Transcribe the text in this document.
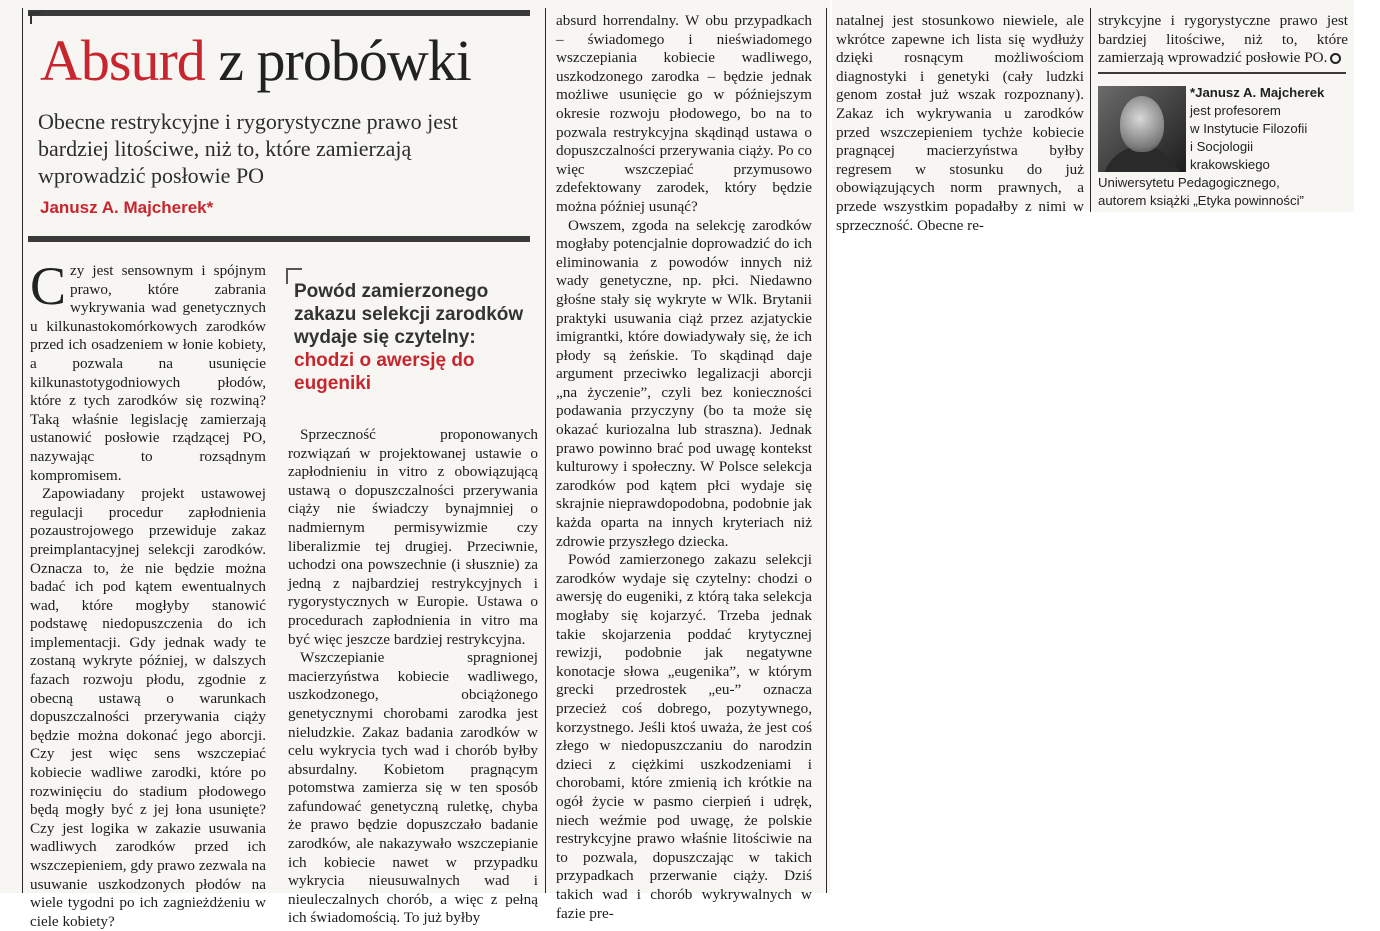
Absurd z probówki
Obecne restrykcyjne i rygorystyczne prawo jest bardziej litościwe, niż to, które zamierzają wprowadzić posłowie PO
Janusz A. Majcherek*

Czy jest sensownym i spójnym prawo, które zabrania wykrywania wad genetycznych u kilkunastokomórkowych zarodków przed ich osadzeniem w łonie kobiety, a pozwala na usunięcie kilkunastotygodniowych płodów, które z tych zarodków się rozwiną? Taką właśnie legislację zamierzają ustanowić posłowie rządzącej PO, nazywając to rozsądnym kompromisem.

Zapowiadany projekt ustawowej regulacji procedur zapłodnienia pozaustrojowego przewiduje zakaz preimplantacyjnej selekcji zarodków. Oznacza to, że nie będzie można badać ich pod kątem ewentualnych wad, które mogłyby stanowić podstawę niedopuszczenia do ich implementacji. Gdy jednak wady te zostaną wykryte później, w dalszych fazach rozwoju płodu, zgodnie z obecną ustawą o warunkach dopuszczalności przerywania ciąży będzie można dokonać jego aborcji. Czy jest więc sens wszczepiać kobiecie wadliwe zarodki, które po rozwinięciu do stadium płodowego będą mogły być z jej łona usunięte? Czy jest logika w zakazie usuwania wadliwych zarodków przed ich wszczepieniem, gdy prawo zezwala na usuwanie uszkodzonych płodów na wiele tygodni po ich zagnieżdżeniu w ciele kobiety?

Powód zamierzonego zakazu selekcji zarodków wydaje się czytelny: chodzi o awersję do eugeniki

Sprzeczność proponowanych rozwiązań w projektowanej ustawie o zapłodnieniu in vitro z obowiązującą ustawą o dopuszczalności przerywania ciąży nie świadczy bynajmniej o nadmiernym permisywizmie czy liberalizmie tej drugiej. Przeciwnie, uchodzi ona powszechnie (i słusznie) za jedną z najbardziej restrykcyjnych i rygorystycznych w Europie. Ustawa o procedurach zapłodnienia in vitro ma być więc jeszcze bardziej restrykcyjna.

Wszczepianie spragnionej macierzyństwa kobiecie wadliwego, uszkodzonego, obciążonego genetycznymi chorobami zarodka jest nieludzkie. Zakaz badania zarodków w celu wykrycia tych wad i chorób byłby absurdalny. Kobietom pragnącym potomstwa zamierza się w ten sposób zafundować genetyczną ruletkę, chyba że prawo będzie dopuszczało badanie zarodków, ale nakazywało wszczepianie ich kobiecie nawet w przypadku wykrycia nieusuwalnych wad i nieuleczalnych chorób, a więc z pełną ich świadomością. To już byłby

absurd horrendalny. W obu przypadkach – świadomego i nieświadomego wszczepiania kobiecie wadliwego, uszkodzonego zarodka – będzie jednak możliwe usunięcie go w późniejszym okresie rozwoju płodowego, bo na to pozwala restrykcyjna skądinąd ustawa o dopuszczalności przerywania ciąży. Po co więc wszczepiać przymusowo zdefektowany zarodek, który będzie można później usunąć?

Owszem, zgoda na selekcję zarodków mogłaby potencjalnie doprowadzić do ich eliminowania z powodów innych niż wady genetyczne, np. płci. Niedawno głośne stały się wykryte w Wlk. Brytanii praktyki usuwania ciąż przez azjatyckie imigrantki, które dowiadywały się, że ich płody są żeńskie. To skądinąd daje argument przeciwko legalizacji aborcji „na życzenie”, czyli bez konieczności podawania przyczyny (bo ta może się okazać kuriozalna lub straszna). Jednak prawo powinno brać pod uwagę kontekst kulturowy i społeczny. W Polsce selekcja zarodków pod kątem płci wydaje się skrajnie nieprawdopodobna, podobnie jak każda oparta na innych kryteriach niż zdrowie przyszłego dziecka.

Powód zamierzonego zakazu selekcji zarodków wydaje się czytelny: chodzi o awersję do eugeniki, z którą taka selekcja mogłaby się kojarzyć. Trzeba jednak takie skojarzenia poddać krytycznej rewizji, podobnie jak negatywne konotacje słowa „eugenika”, w którym grecki przedrostek „eu-” oznacza przecież coś dobrego, pozytywnego, korzystnego. Jeśli ktoś uważa, że jest coś złego w niedopuszczaniu do narodzin dzieci z ciężkimi uszkodzeniami i chorobami, które zmienią ich krótkie na ogół życie w pasmo cierpień i udręk, niech weźmie pod uwagę, że polskie restrykcyjne prawo właśnie litościwie na to pozwala, dopuszczając w takich przypadkach przerwanie ciąży. Dziś takich wad i chorób wykrywalnych w fazie pre-

natalnej jest stosunkowo niewiele, ale wkrótce zapewne ich lista się wydłuży dzięki rosnącym możliwościom diagnostyki i genetyki (cały ludzki genom został już wszak rozpoznany). Zakaz ich wykrywania u zarodków przed wszczepieniem tychże kobiecie pragnącej macierzyństwa byłby regresem w stosunku do już obowiązujących norm prawnych, a przede wszystkim popadałby z nimi w sprzeczność. Obecne re-

strykcyjne i rygorystyczne prawo jest bardziej litościwe, niż to, które zamierzają wprowadzić posłowie PO.

*Janusz A. Majcherek
jest profesorem
w Instytucie Filozofii
i Socjologii
krakowskiego
Uniwersytetu Pedagogicznego,
autorem książki „Etyka powinności”
